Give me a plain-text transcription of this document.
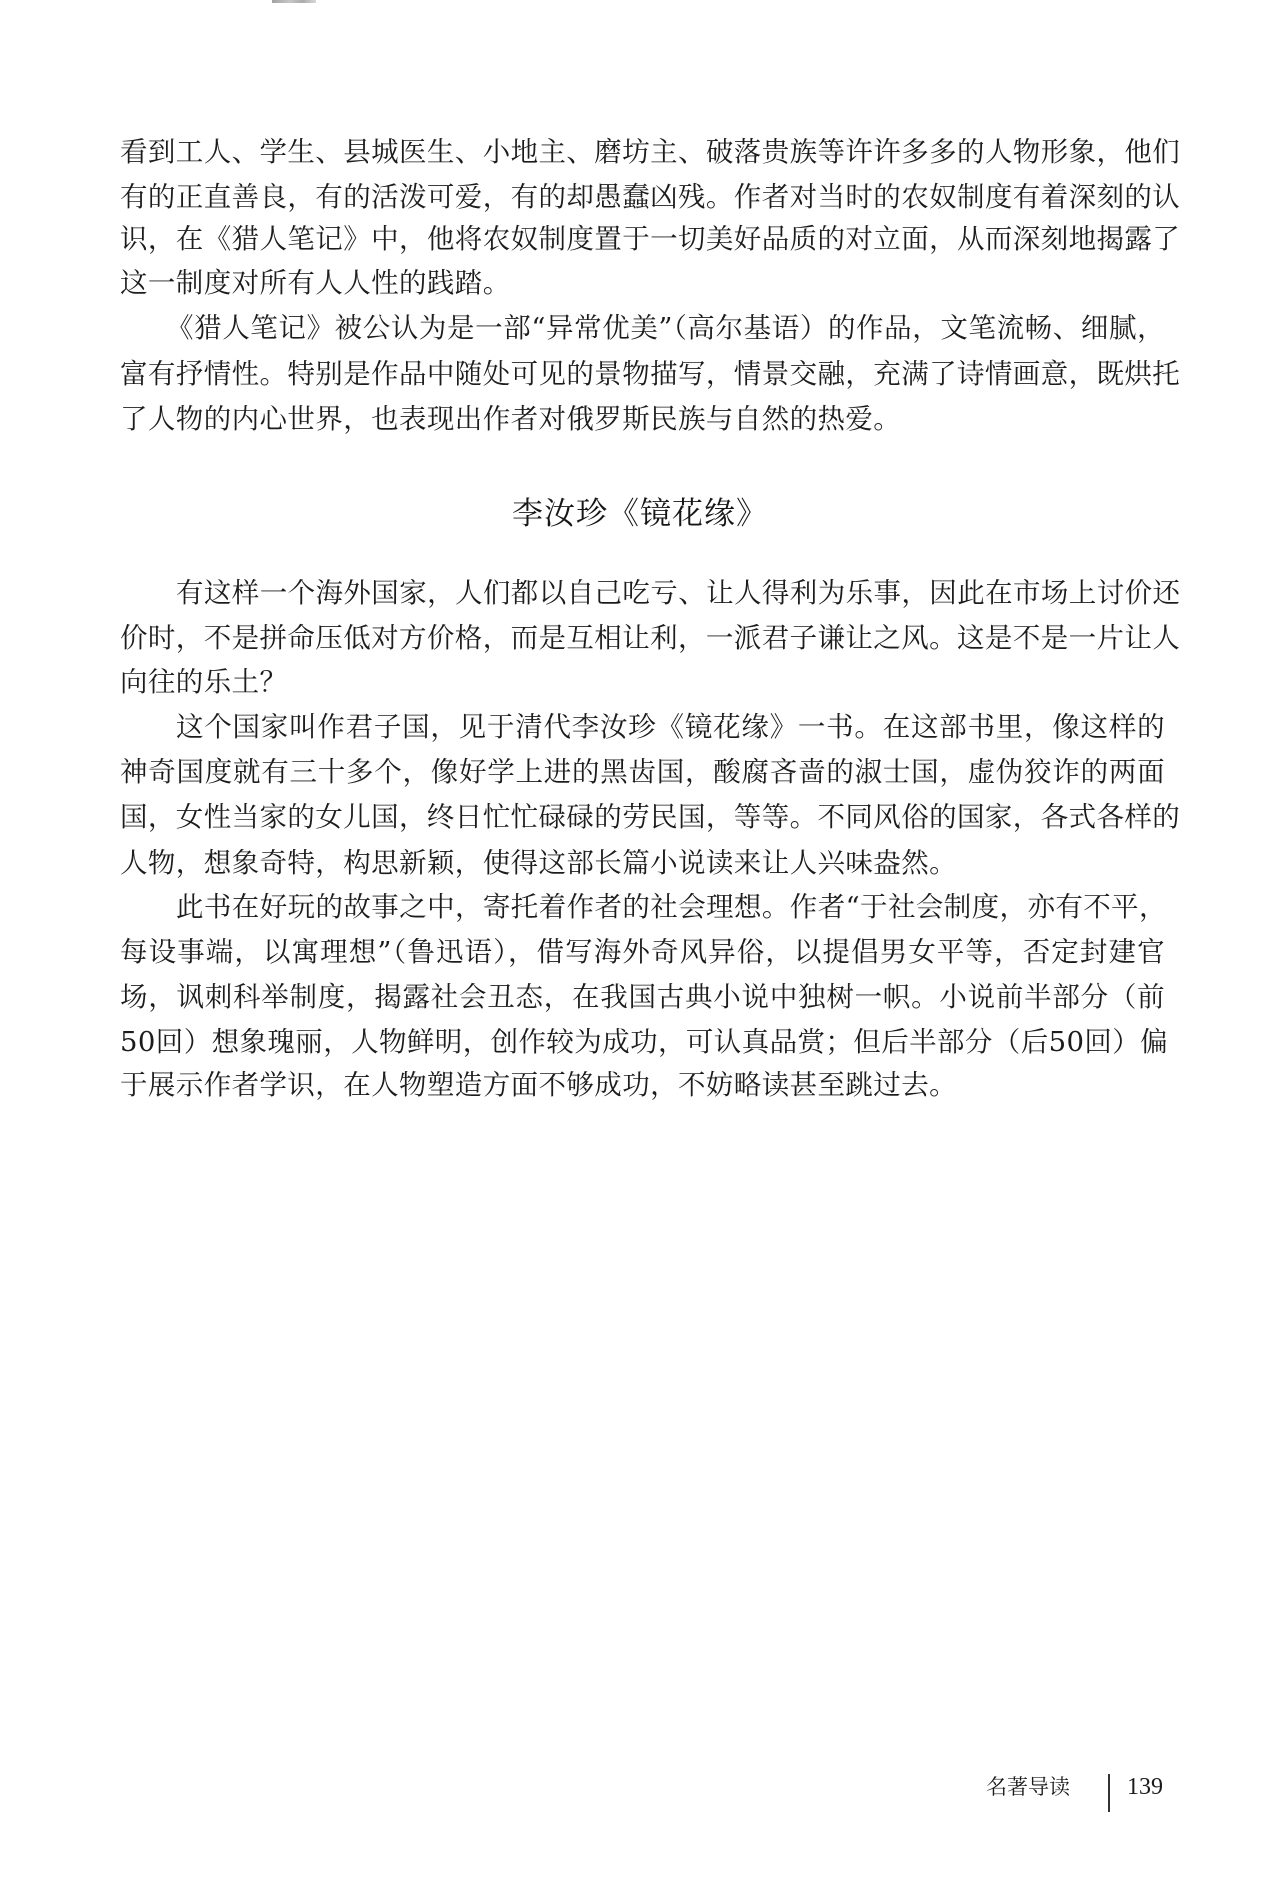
看到工人、学生、县城医生、小地主、磨坊主、破落贵族等许许多多的人物形象，他们
有的正直善良，有的活泼可爱，有的却愚蠢凶残。作者对当时的农奴制度有着深刻的认
识，在《猎人笔记》中，他将农奴制度置于一切美好品质的对立面，从而深刻地揭露了
这一制度对所有人人性的践踏。
《猎人笔记》被公认为是一部“异常优美”（高尔基语）的作品，文笔流畅、细腻，
富有抒情性。特别是作品中随处可见的景物描写，情景交融，充满了诗情画意，既烘托
了人物的内心世界，也表现出作者对俄罗斯民族与自然的热爱。
李汝珍《镜花缘》
有这样一个海外国家，人们都以自己吃亏、让人得利为乐事，因此在市场上讨价还
价时，不是拼命压低对方价格，而是互相让利，一派君子谦让之风。这是不是一片让人
向往的乐土？
这个国家叫作君子国，见于清代李汝珍《镜花缘》一书。在这部书里，像这样的
神奇国度就有三十多个，像好学上进的黑齿国，酸腐吝啬的淑士国，虚伪狡诈的两面
国，女性当家的女儿国，终日忙忙碌碌的劳民国，等等。不同风俗的国家，各式各样的
人物，想象奇特，构思新颖，使得这部长篇小说读来让人兴味盎然。
此书在好玩的故事之中，寄托着作者的社会理想。作者“于社会制度，亦有不平，
每设事端，以寓理想”（鲁迅语），借写海外奇风异俗，以提倡男女平等，否定封建官
场，讽刺科举制度，揭露社会丑态，在我国古典小说中独树一帜。小说前半部分（前
50回）想象瑰丽，人物鲜明，创作较为成功，可认真品赏；但后半部分（后50回）偏
于展示作者学识，在人物塑造方面不够成功，不妨略读甚至跳过去。
名著导读 139
